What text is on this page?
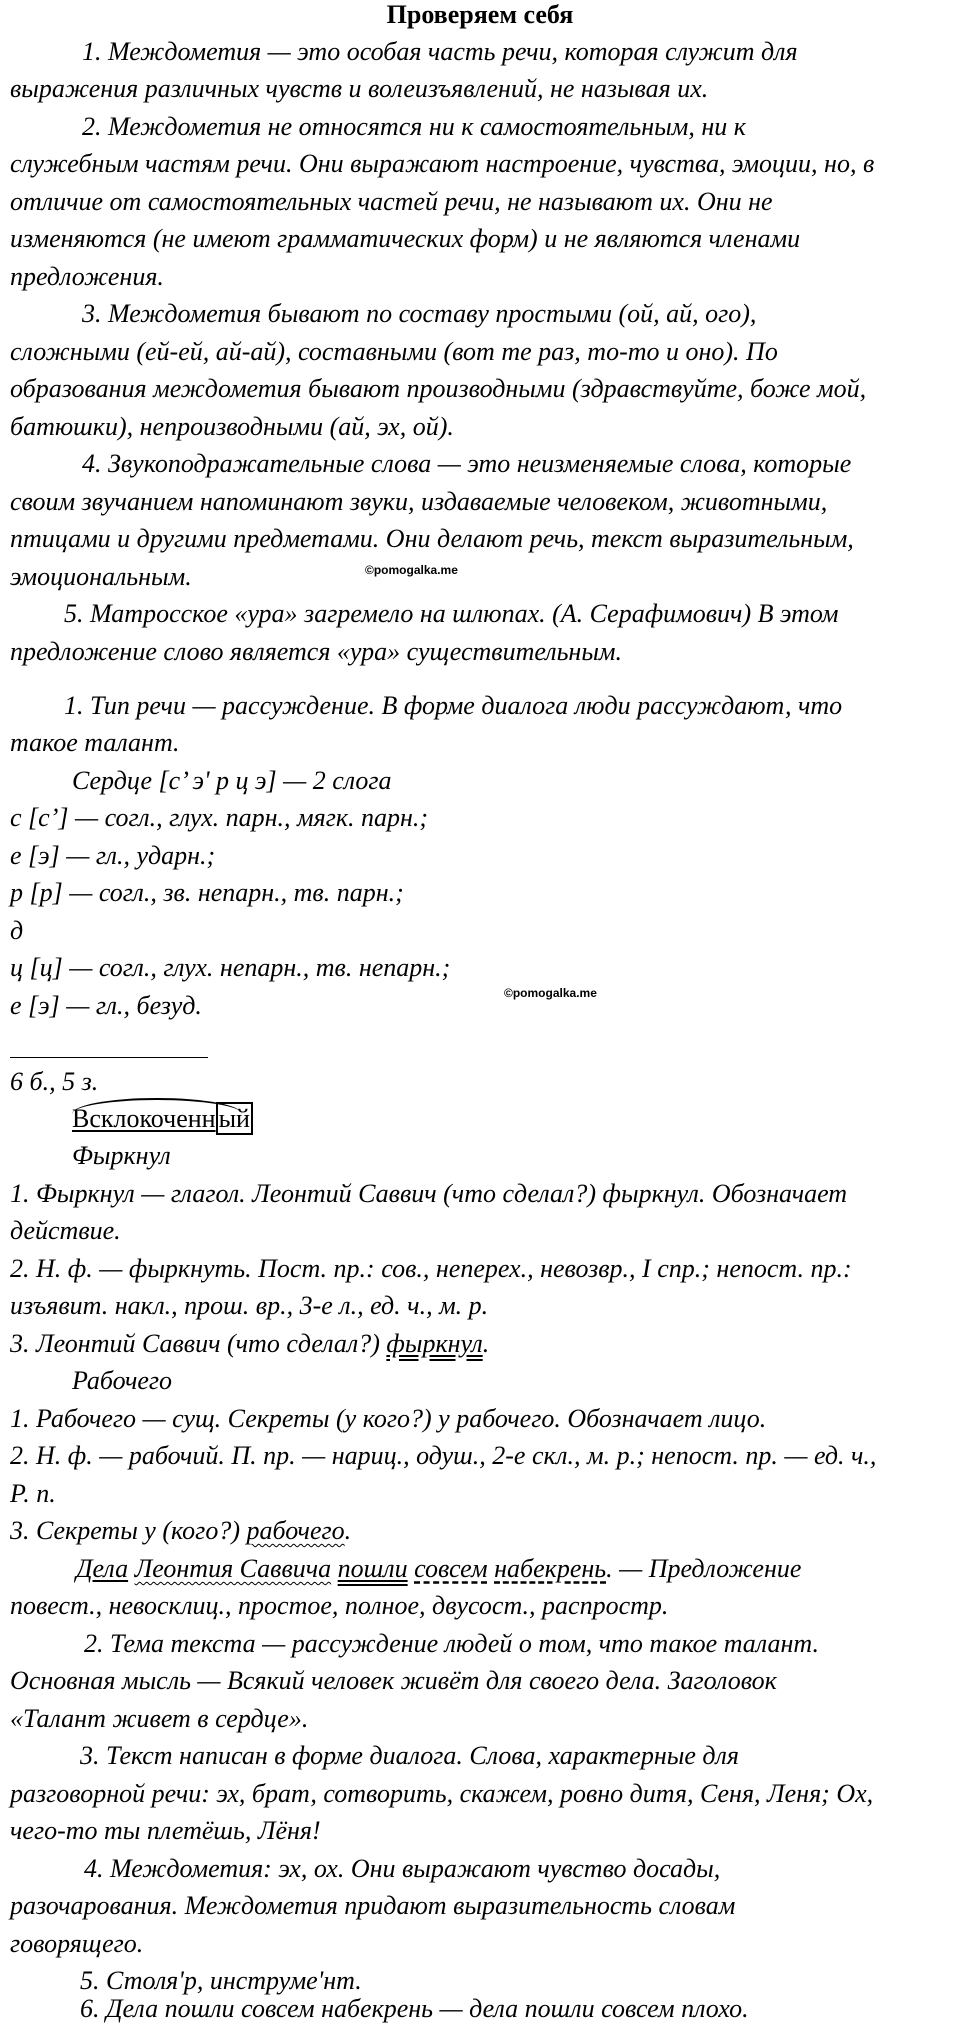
Проверяем себя
1. Междометия — это особая часть речи, которая служит для
выражения различных чувств и волеизъявлений, не называя их.
2. Междометия не относятся ни к самостоятельным, ни к
служебным частям речи. Они выражают настроение, чувства, эмоции, но, в
отличие от самостоятельных частей речи, не называют их. Они не
изменяются (не имеют грамматических форм) и не являются членами
предложения.
3. Междометия бывают по составу простыми (ой, ай, ого),
сложными (ей-ей, ай-ай), составными (вот те раз, то-то и оно). По
образования междометия бывают производными (здравствуйте, боже мой,
батюшки), непроизводными (ай, эх, ой).
4. Звукоподражательные слова — это неизменяемые слова, которые
своим звучанием напоминают звуки, издаваемые человеком, животными,
птицами и другими предметами. Они делают речь, текст выразительным,
эмоциональным.	©pomogalka.me
5. Матросское «ура» загремело на шлюпах. (А. Серафимович) В этом
предложение слово является «ура» существительным.
1. Тип речи — рассуждение. В форме диалога люди рассуждают, что
такое талант.
Сердце [с’ э' р ц э] — 2 слога
с [с’] — согл., глух. парн., мягк. парн.;
е [э] — гл., ударн.;
р [р] — согл., зв. непарн., тв. парн.;
д
ц [ц] — согл., глух. непарн., тв. непарн.;
е [э] — гл., безуд.	©pomogalka.me
6 б., 5 з.
Всклокоченн ый
Фыркнул
1. Фыркнул — глагол. Леонтий Саввич (что сделал?) фыркнул. Обозначает
действие.
2. Н. ф. — фыркнуть. Пост. пр.: сов., неперех., невозвр., I спр.; непост. пр.:
изъявит. накл., прош. вр., 3-е л., ед. ч., м. р.
3. Леонтий Саввич (что сделал?) фыркнул.
Рабочего
1. Рабочего — сущ. Секреты (у кого?) у рабочего. Обозначает лицо.
2. Н. ф. — рабочий. П. пр. — нариц., одуш., 2-е скл., м. р.; непост. пр. — ед. ч.,
Р. п.
3. Секреты у (кого?) рабочего.
Дела Леонтия Саввича пошли совсем набекрень. — Предложение
повест., невосклиц., простое, полное, двусост., распростр.
2. Тема текста — рассуждение людей о том, что такое талант.
Основная мысль — Всякий человек живёт для своего дела. Заголовок
«Талант живет в сердце».
3. Текст написан в форме диалога. Слова, характерные для
разговорной речи: эх, брат, сотворить, скажем, ровно дитя, Сеня, Леня; Ох,
чего-то ты плетёшь, Лёня!
4. Междометия: эх, ох. Они выражают чувство досады,
разочарования. Междометия придают выразительность словам
говорящего.
5. Столя'р, инструме'нт.
6. Дела пошли совсем набекрень — дела пошли совсем плохо.
